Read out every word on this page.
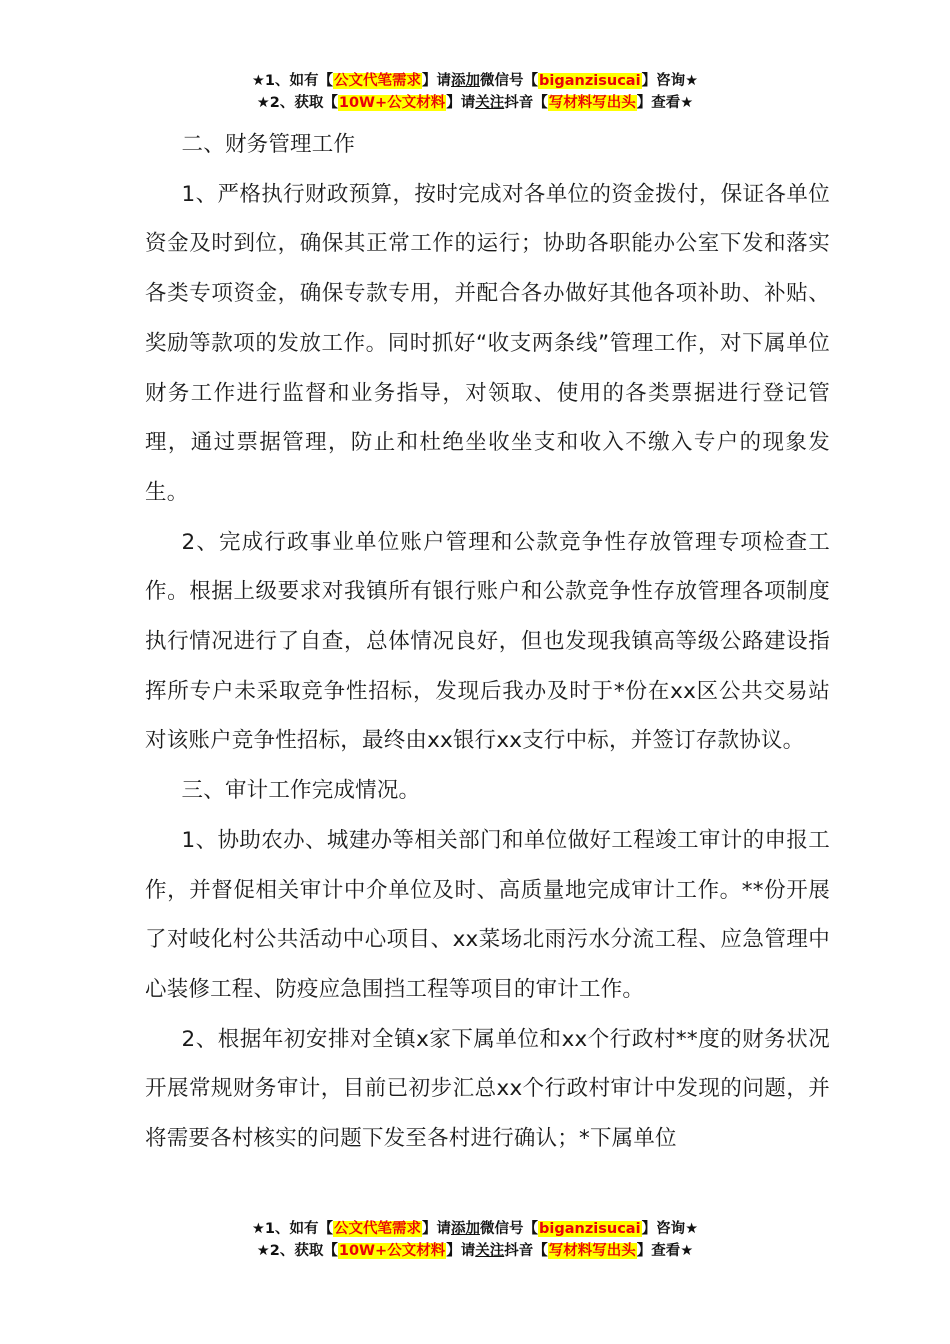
★1、如有【公文代笔需求】请添加微信号【biganzisucai】咨询★
★2、获取【10W+公文材料】请关注抖音【写材料写出头】查看★

二、财务管理工作

1、严格执行财政预算，按时完成对各单位的资金拨付，保证各单位资金及时到位，确保其正常工作的运行；协助各职能办公室下发和落实各类专项资金，确保专款专用，并配合各办做好其他各项补助、补贴、奖励等款项的发放工作。同时抓好“收支两条线”管理工作，对下属单位财务工作进行监督和业务指导，对领取、使用的各类票据进行登记管理，通过票据管理，防止和杜绝坐收坐支和收入不缴入专户的现象发生。

2、完成行政事业单位账户管理和公款竞争性存放管理专项检查工作。根据上级要求对我镇所有银行账户和公款竞争性存放管理各项制度执行情况进行了自查，总体情况良好，但也发现我镇高等级公路建设指挥所专户未采取竞争性招标，发现后我办及时于*份在xx区公共交易站对该账户竞争性招标，最终由xx银行xx支行中标，并签订存款协议。

三、审计工作完成情况。

1、协助农办、城建办等相关部门和单位做好工程竣工审计的申报工作，并督促相关审计中介单位及时、高质量地完成审计工作。**份开展了对岐化村公共活动中心项目、xx菜场北雨污水分流工程、应急管理中心装修工程、防疫应急围挡工程等项目的审计工作。

2、根据年初安排对全镇x家下属单位和xx个行政村**度的财务状况开展常规财务审计，目前已初步汇总xx个行政村审计中发现的问题，并将需要各村核实的问题下发至各村进行确认；*下属单位

★1、如有【公文代笔需求】请添加微信号【biganzisucai】咨询★
★2、获取【10W+公文材料】请关注抖音【写材料写出头】查看★
